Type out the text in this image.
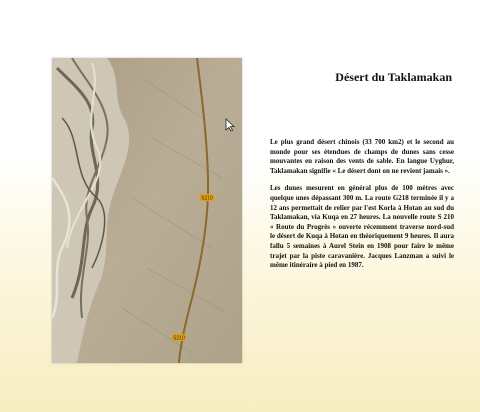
S210
S210
Désert du Taklamakan

Le plus grand désert chinois (33 700 km2) et le second au monde pour ses étendues de champs de dunes sans cesse mouvantes en raison des vents de sable. En langue Uyghur, Taklamakan signifie « Le désert dont on ne revient jamais ».

Les dunes mesurent en général plus de 100 mètres avec quelque unes dépassant 300 m. La route G218 terminée il y a 12 ans permettait de relier par l'est Korla à Hotan au sud du Taklamakan, via Kuqa en 27 heures. La nouvelle route S 210 « Route du Progrès » ouverte récemment traverse nord-sud le désert de Kuqa à Hotan en théoriquement 9 heures. Il aura fallu 5 semaines à Aurel Stein en 1908 pour faire le même trajet par la piste caravanière. Jacques Lanzman a suivi le même itinéraire à pied en 1987.
